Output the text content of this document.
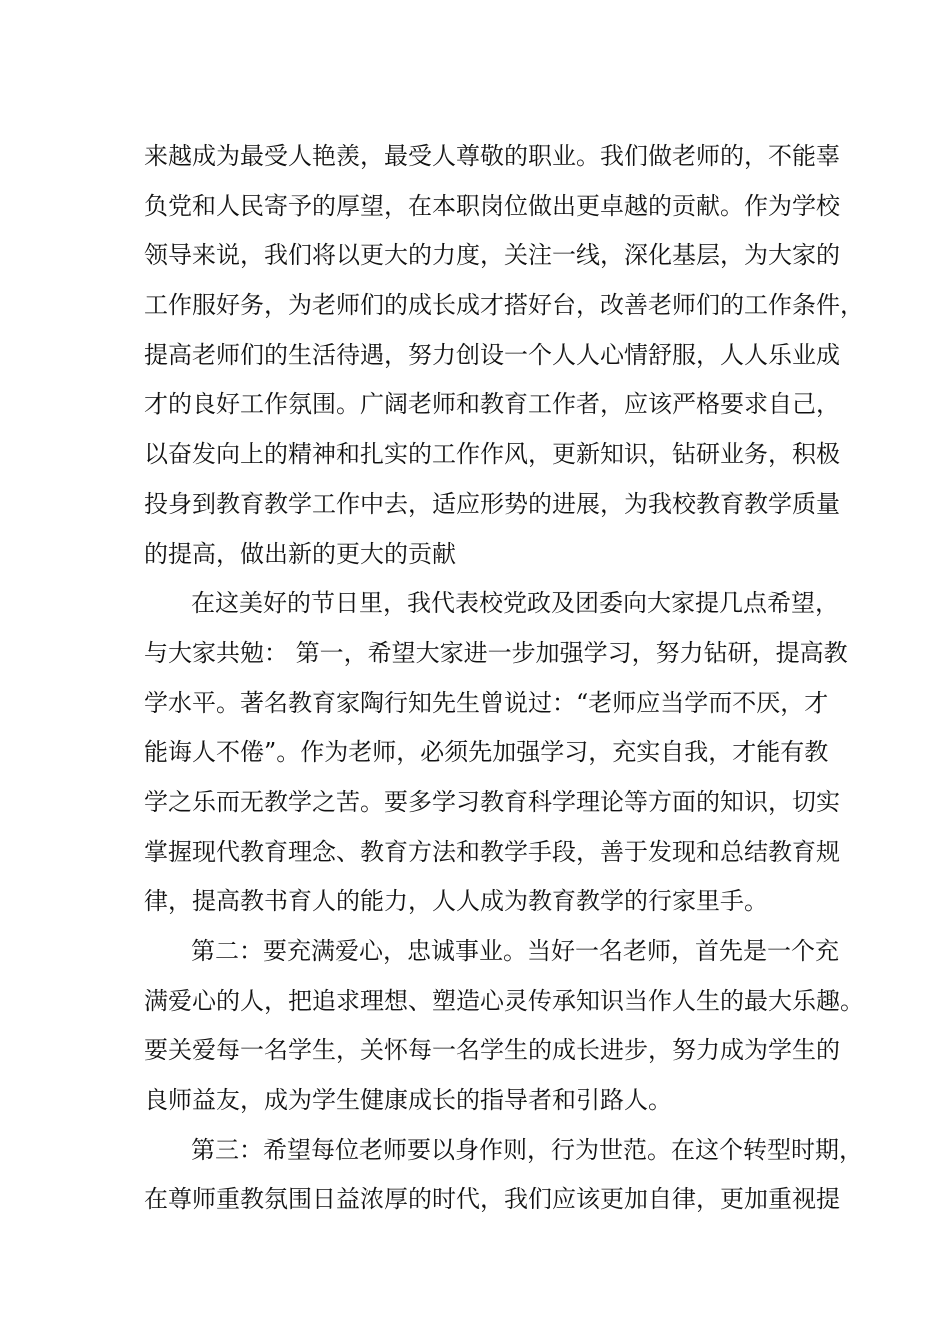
来越成为最受人艳羡，最受人尊敬的职业。我们做老师的，不能辜
负党和人民寄予的厚望，在本职岗位做出更卓越的贡献。作为学校
领导来说，我们将以更大的力度，关注一线，深化基层，为大家的
工作服好务，为老师们的成长成才搭好台，改善老师们的工作条件，
提高老师们的生活待遇，努力创设一个人人心情舒服，人人乐业成
才的良好工作氛围。广阔老师和教育工作者，应该严格要求自己，
以奋发向上的精神和扎实的工作作风，更新知识，钻研业务，积极
投身到教育教学工作中去，适应形势的进展，为我校教育教学质量
的提高，做出新的更大的贡献
在这美好的节日里，我代表校党政及团委向大家提几点希望，
与大家共勉： 第一，希望大家进一步加强学习，努力钻研，提高教
学水平。著名教育家陶行知先生曾说过：“老师应当学而不厌，才
能诲人不倦”。作为老师，必须先加强学习，充实自我，才能有教
学之乐而无教学之苦。要多学习教育科学理论等方面的知识，切实
掌握现代教育理念、教育方法和教学手段，善于发现和总结教育规
律，提高教书育人的能力，人人成为教育教学的行家里手。
第二：要充满爱心，忠诚事业。当好一名老师，首先是一个充
满爱心的人，把追求理想、塑造心灵传承知识当作人生的最大乐趣。
要关爱每一名学生，关怀每一名学生的成长进步，努力成为学生的
良师益友，成为学生健康成长的指导者和引路人。
第三：希望每位老师要以身作则，行为世范。在这个转型时期，
在尊师重教氛围日益浓厚的时代，我们应该更加自律，更加重视提
